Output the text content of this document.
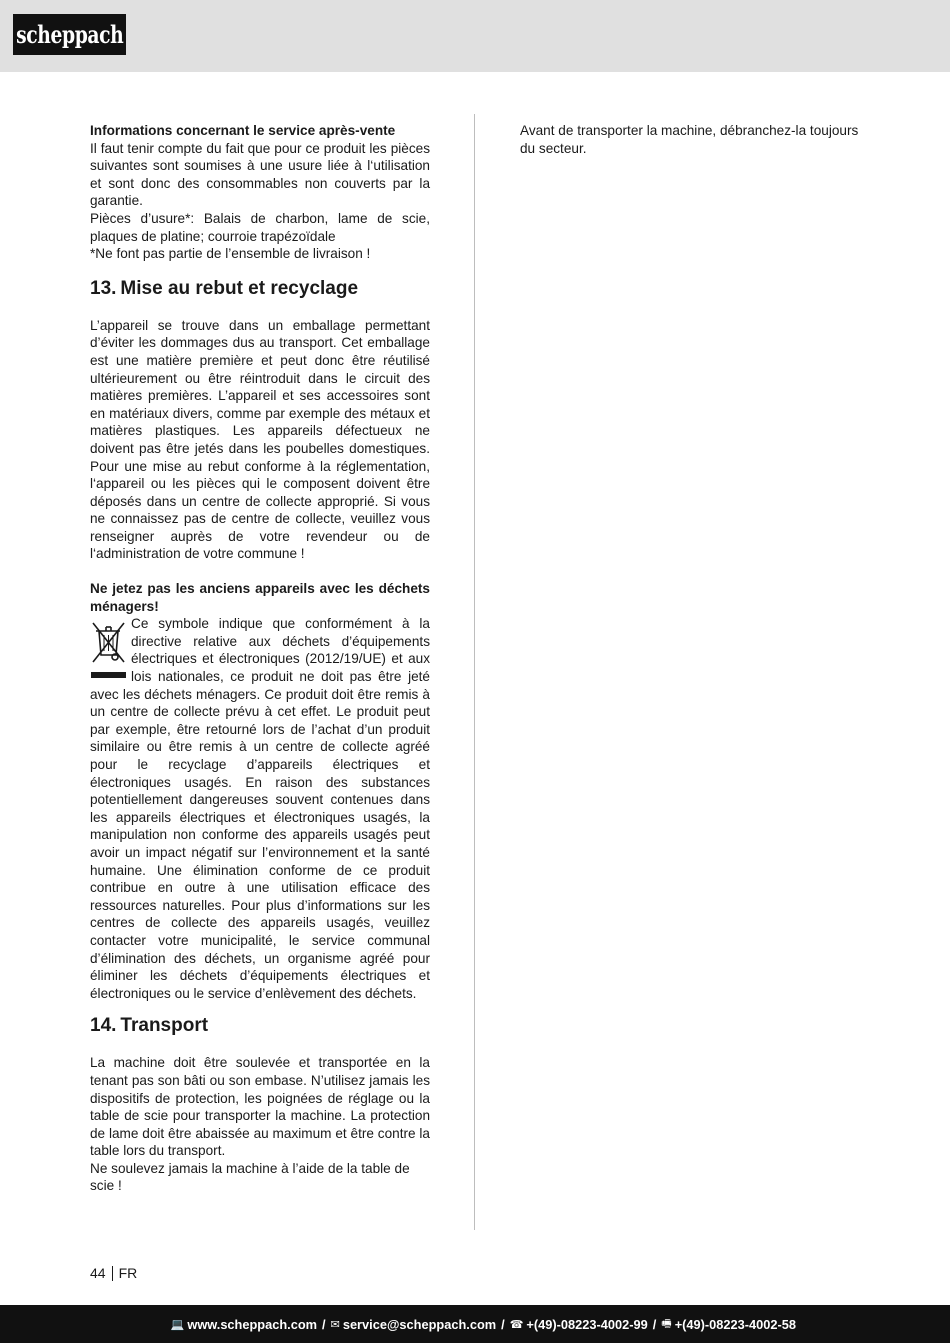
scheppach

Informations concernant le service après-vente

Il faut tenir compte du fait que pour ce produit les pièces suivantes sont soumises à une usure liée à l‘utilisation et sont donc des consommables non couverts par la garantie.

Pièces d’usure*: Balais de charbon, lame de scie, plaques de platine; courroie trapézoïdale

*Ne font pas partie de l’ensemble de livraison !

13. Mise au rebut et recyclage

L’appareil se trouve dans un emballage permettant d’éviter les dommages dus au transport. Cet emballage est une matière première et peut donc être réutilisé ultérieurement ou être réintroduit dans le circuit des matières premières. L’appareil et ses accessoires sont en matériaux divers, comme par exemple des métaux et matières plastiques. Les appareils défectueux ne doivent pas être jetés dans les poubelles domestiques. Pour une mise au rebut conforme à la réglementation, l‘appareil ou les pièces qui le composent doivent être déposés dans un centre de collecte approprié. Si vous ne connaissez pas de centre de collecte, veuillez vous renseigner auprès de votre revendeur ou de l‘administration de votre commune !

Ne jetez pas les anciens appareils avec les déchets ménagers!

Ce symbole indique que conformément à la directive relative aux déchets d’équipements électriques et électroniques (2012/19/UE) et aux lois nationales, ce produit ne doit pas être jeté avec les déchets ménagers. Ce produit doit être remis à un centre de collecte prévu à cet effet. Le produit peut par exemple, être retourné lors de l’achat d’un produit similaire ou être remis à un centre de collecte agréé pour le recyclage d’appareils électriques et électroniques usagés. En raison des substances potentiellement dangereuses souvent contenues dans les appareils électriques et électroniques usagés, la manipulation non conforme des appareils usagés peut avoir un impact négatif sur l’environnement et la santé humaine. Une élimination conforme de ce produit contribue en outre à une utilisation efficace des ressources naturelles. Pour plus d’informations sur les centres de collecte des appareils usagés, veuillez contacter votre municipalité, le service communal d’élimination des déchets, un organisme agréé pour éliminer les déchets d’équipements électriques et électroniques ou le service d’enlèvement des déchets.

14. Transport

La machine doit être soulevée et transportée en la tenant pas son bâti ou son embase. N’utilisez jamais les dispositifs de protection, les poignées de réglage ou la table de scie pour transporter la machine. La protection de lame doit être abaissée au maximum et être contre la table lors du transport.

Ne soulevez jamais la machine à l’aide de la table de scie !

Avant de transporter la machine, débranchez-la toujours du secteur.

44 FR
💻 www.scheppach.com / ✉ service@scheppach.com / ☎ +(49)-08223-4002-99 / 🖷 +(49)-08223-4002-58
